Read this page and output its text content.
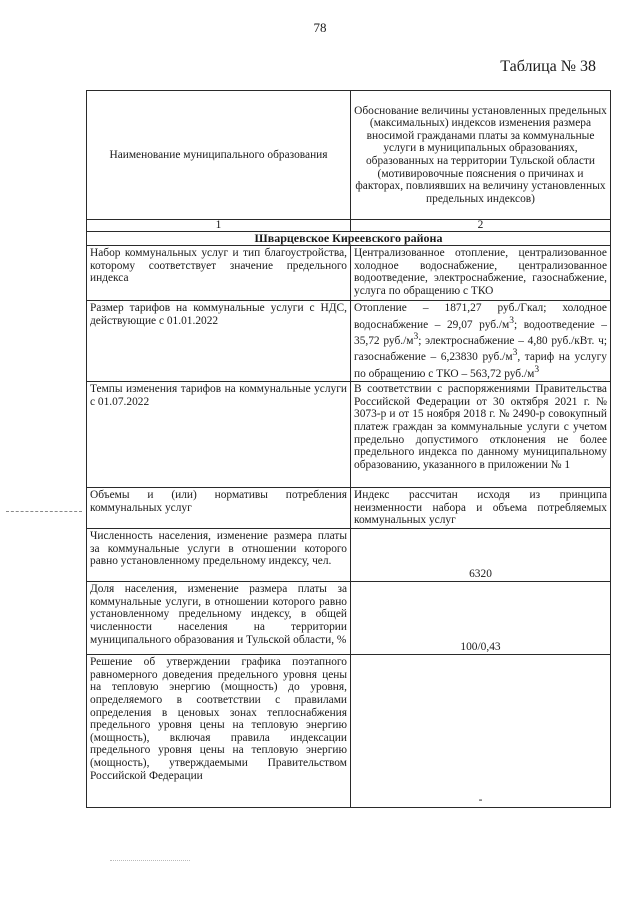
78
Таблица № 38
Наименование муниципального образования	Обоснование величины установленных предельных (максимальных) индексов изменения размера вносимой гражданами платы за коммунальные услуги в муниципальных образованиях, образованных на территории Тульской области (мотивировочные пояснения о причинах и факторах, повлиявших на величину установленных предельных индексов)
1	2
Шварцевское Киреевского района	
Набор коммунальных услуг и тип благоустройства, которому соответствует значение предельного индекса	Централизованное отопление, централизованное холодное водоснабжение, централизованное водоотведение, электроснабжение, газоснабжение, услуга по обращению с ТКО
Размер тарифов на коммунальные услуги с НДС, действующие с 01.01.2022	Отопление – 1871,27 руб./Гкал; холодное водоснабжение – 29,07 $руб./м^3$; водоотведение – 35,72 $руб./м^3$; электроснабжение – 4,80 руб./кВт. ч; газоснабжение – 6,23830 $руб./м^3$, тариф на услугу по обращению с ТКО – 563,72 $руб./м^3$
Темпы изменения тарифов на коммунальные услуги с 01.07.2022	В соответствии с распоряжениями Правительства Российской Федерации от 30 октября 2021 г. № 3073-р и от 15 ноября 2018 г. № 2490-р совокупный платеж граждан за коммунальные услуги с учетом предельно допустимого отклонения не более предельного индекса по данному муниципальному образованию, указанного в приложении № 1
Объемы и (или) нормативы потребления коммунальных услуг	Индекс рассчитан исходя из принципа неизменности набора и объема потребляемых коммунальных услуг
Численность населения, изменение размера платы за коммунальные услуги в отношении которого равно установленному предельному индексу, чел.	6320
Доля населения, изменение размера платы за коммунальные услуги, в отношении которого равно установленному предельному индексу, в общей численности населения на территории муниципального образования и Тульской области, %	100/0,43
Решение об утверждении графика поэтапного равномерного доведения предельного уровня цены на тепловую энергию (мощность) до уровня, определяемого в соответствии с правилами определения в ценовых зонах теплоснабжения предельного уровня цены на тепловую энергию (мощность), включая правила индексации предельного уровня цены на тепловую энергию (мощность), утверждаемыми Правительством Российской Федерации	-
